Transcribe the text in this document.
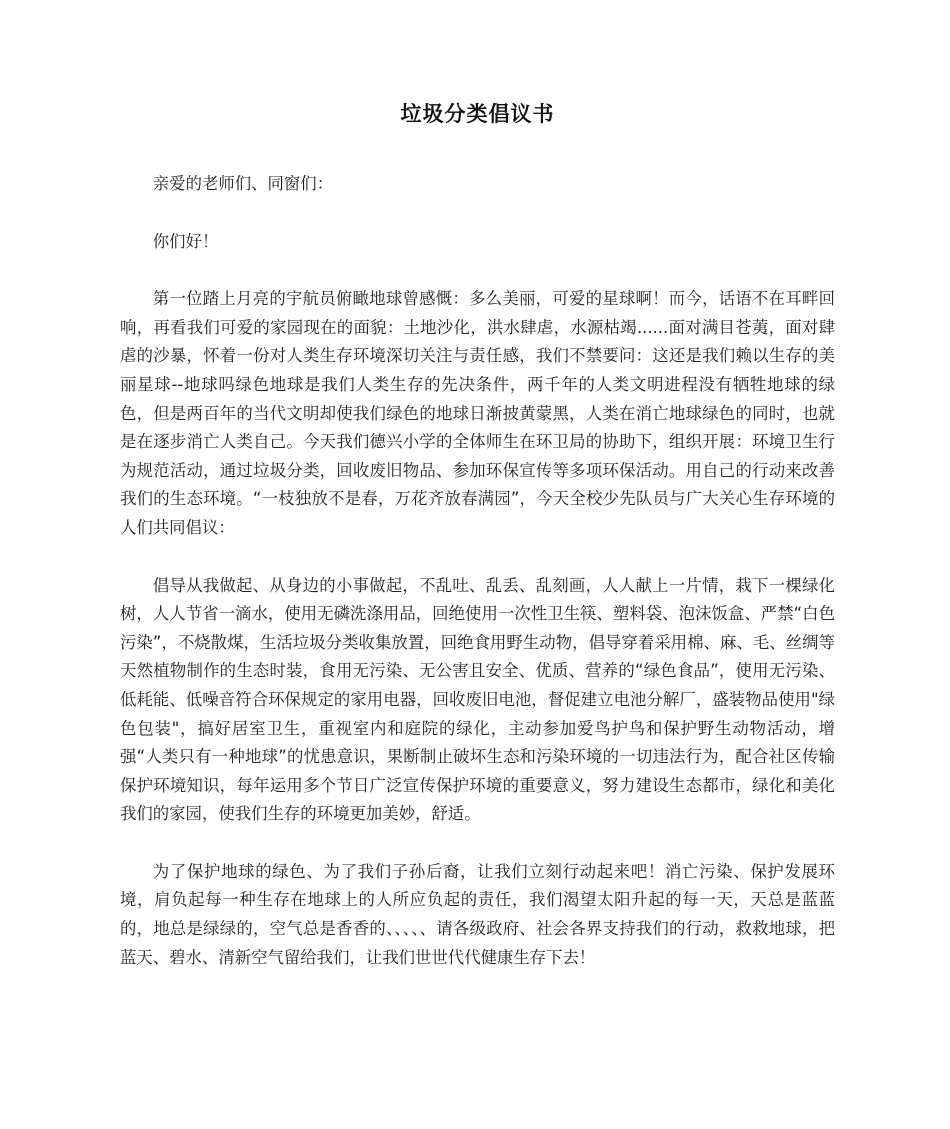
垃圾分类倡议书

亲爱的老师们、同窗们：

你们好！

第一位踏上月亮的宇航员俯瞰地球曾感慨：多么美丽，可爱的星球啊！而今，话语不在耳畔回响，再看我们可爱的家园现在的面貌：土地沙化，洪水肆虐，水源枯竭......面对满目苍荑，面对肆虐的沙暴，怀着一份对人类生存环境深切关注与责任感，我们不禁要问：这还是我们赖以生存的美丽星球--地球吗绿色地球是我们人类生存的先决条件，两千年的人类文明进程没有牺牲地球的绿色，但是两百年的当代文明却使我们绿色的地球日渐披黄蒙黑，人类在消亡地球绿色的同时，也就是在逐步消亡人类自己。今天我们德兴小学的全体师生在环卫局的协助下，组织开展：环境卫生行为规范活动，通过垃圾分类，回收废旧物品、参加环保宣传等多项环保活动。用自己的行动来改善我们的生态环境。“一枝独放不是春，万花齐放春满园”，今天全校少先队员与广大关心生存环境的人们共同倡议：

倡导从我做起、从身边的小事做起，不乱吐、乱丢、乱刻画，人人献上一片情，栽下一棵绿化树，人人节省一滴水，使用无磷洗涤用品，回绝使用一次性卫生筷、塑料袋、泡沫饭盒、严禁“白色污染”，不烧散煤，生活垃圾分类收集放置，回绝食用野生动物，倡导穿着采用棉、麻、毛、丝绸等天然植物制作的生态时装，食用无污染、无公害且安全、优质、营养的“绿色食品”，使用无污染、低耗能、低噪音符合环保规定的家用电器，回收废旧电池，督促建立电池分解厂，盛装物品使用"绿色包装"，搞好居室卫生，重视室内和庭院的绿化，主动参加爱鸟护鸟和保护野生动物活动，增强“人类只有一种地球”的忧患意识，果断制止破坏生态和污染环境的一切违法行为，配合社区传输保护环境知识，每年运用多个节日广泛宣传保护环境的重要意义，努力建设生态都市，绿化和美化我们的家园，使我们生存的环境更加美妙，舒适。

为了保护地球的绿色、为了我们子孙后裔，让我们立刻行动起来吧！消亡污染、保护发展环境，肩负起每一种生存在地球上的人所应负起的责任，我们渴望太阳升起的每一天，天总是蓝蓝的，地总是绿绿的，空气总是香香的、、、、、请各级政府、社会各界支持我们的行动，救救地球，把蓝天、碧水、清新空气留给我们，让我们世世代代健康生存下去！
